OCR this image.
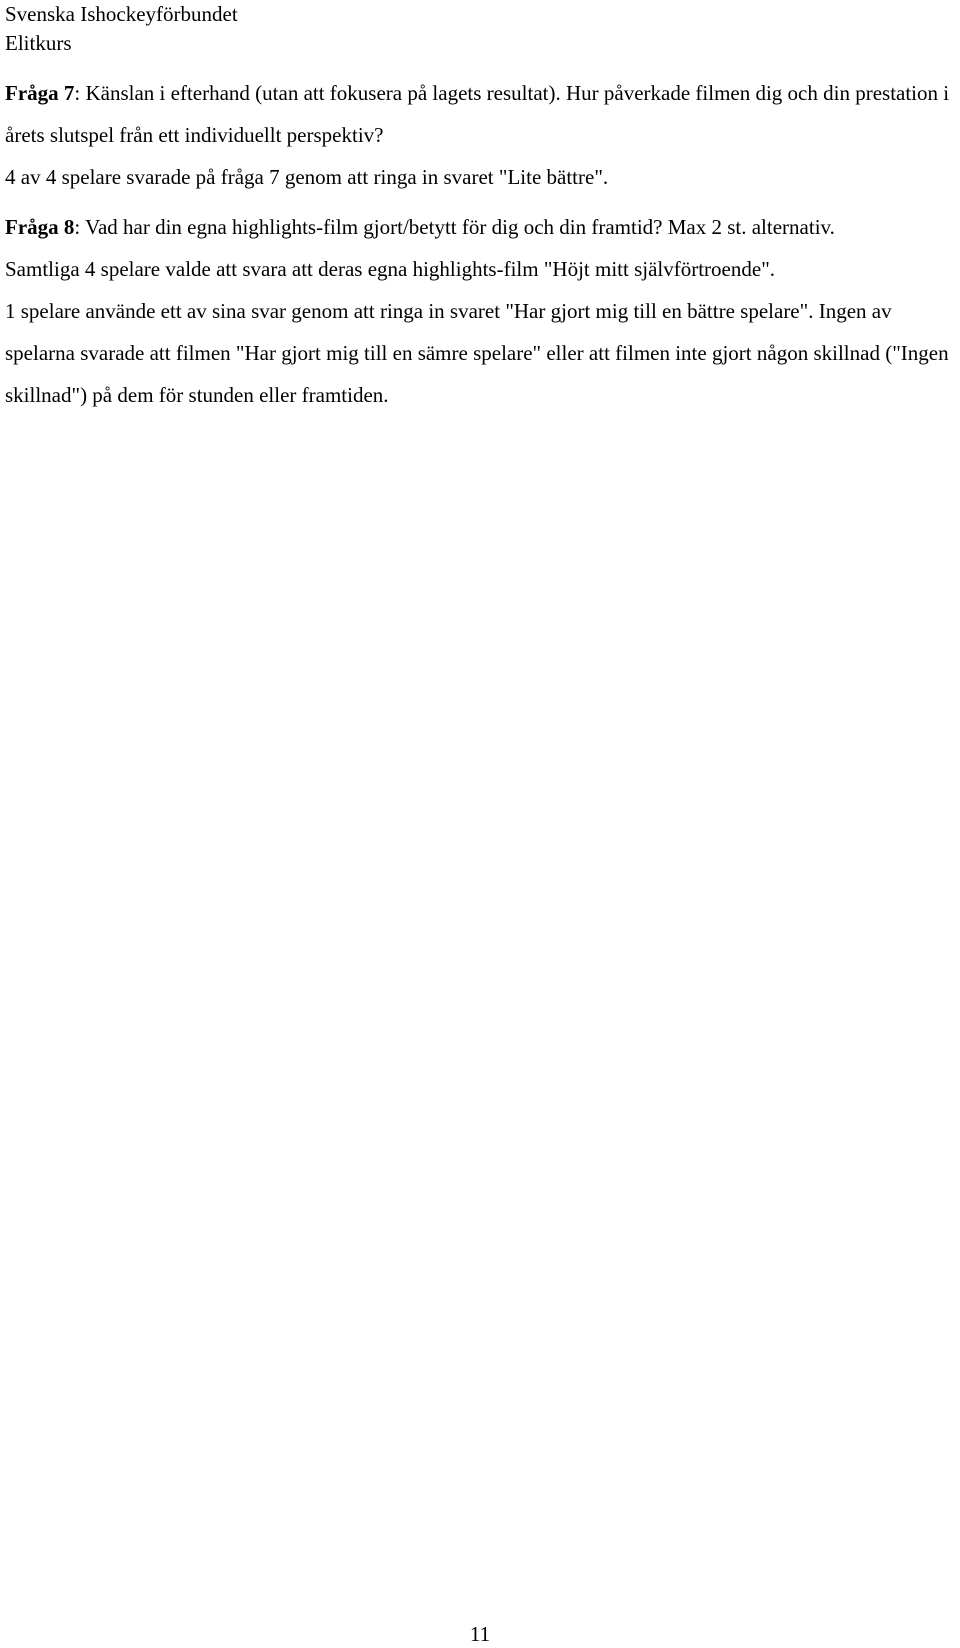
Svenska Ishockeyförbundet
Elitkurs

Fråga 7: Känslan i efterhand (utan att fokusera på lagets resultat). Hur påverkade filmen dig och din prestation i årets slutspel från ett individuellt perspektiv?

4 av 4 spelare svarade på fråga 7 genom att ringa in svaret "Lite bättre".

Fråga 8: Vad har din egna highlights-film gjort/betytt för dig och din framtid? Max 2 st. alternativ.

Samtliga 4 spelare valde att svara att deras egna highlights-film "Höjt mitt självförtroende".

1 spelare använde ett av sina svar genom att ringa in svaret "Har gjort mig till en bättre spelare". Ingen av spelarna svarade att filmen "Har gjort mig till en sämre spelare" eller att filmen inte gjort någon skillnad ("Ingen skillnad") på dem för stunden eller framtiden.

11
